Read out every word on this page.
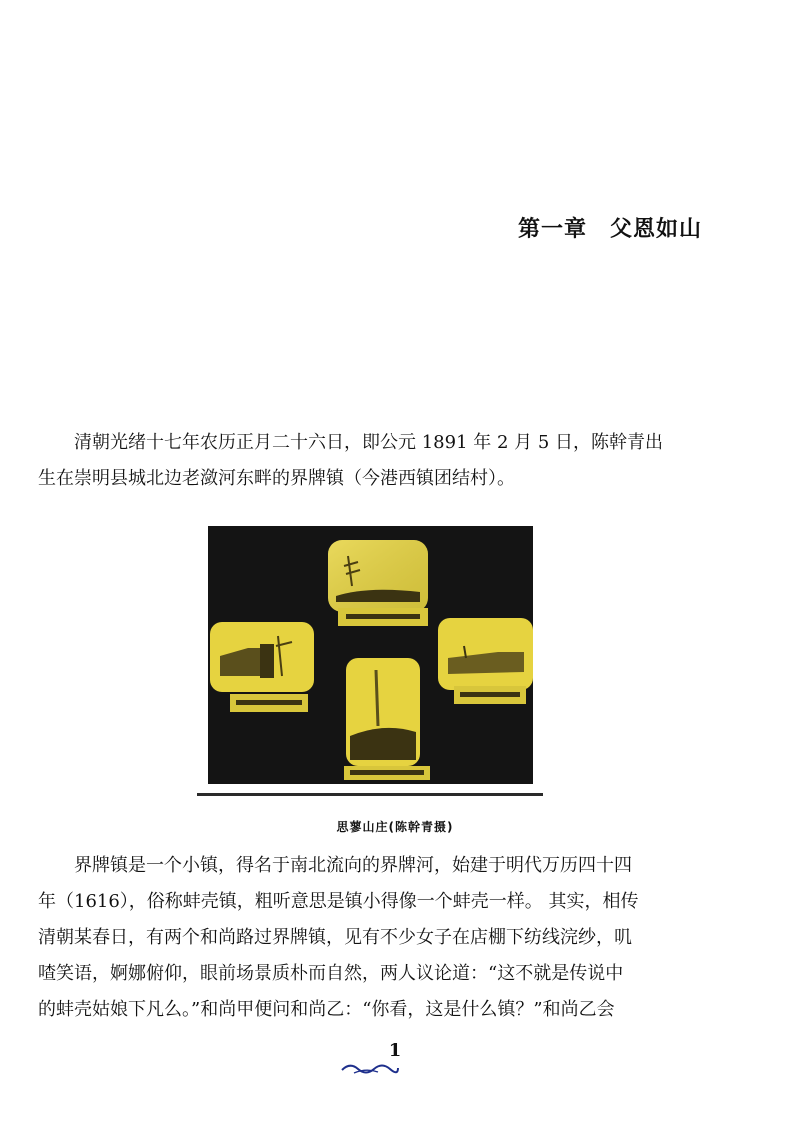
第一章　父恩如山
　　清朝光绪十七年农历正月二十六日，即公元 1891 年 2 月 5 日，陈幹青出
生在崇明县城北边老潋河东畔的界牌镇（今港西镇团结村）。
思蓼山庄(陈幹青摄)
　　界牌镇是一个小镇，得名于南北流向的界牌河，始建于明代万历四十四
年（1616），俗称蚌壳镇，粗听意思是镇小得像一个蚌壳一样。 其实，相传
清朝某春日，有两个和尚路过界牌镇，见有不少女子在店棚下纺线浣纱，叽
喳笑语，婀娜俯仰，眼前场景质朴而自然，两人议论道：“这不就是传说中
的蚌壳姑娘下凡么。”和尚甲便问和尚乙：“你看，这是什么镇？”和尚乙会
1
